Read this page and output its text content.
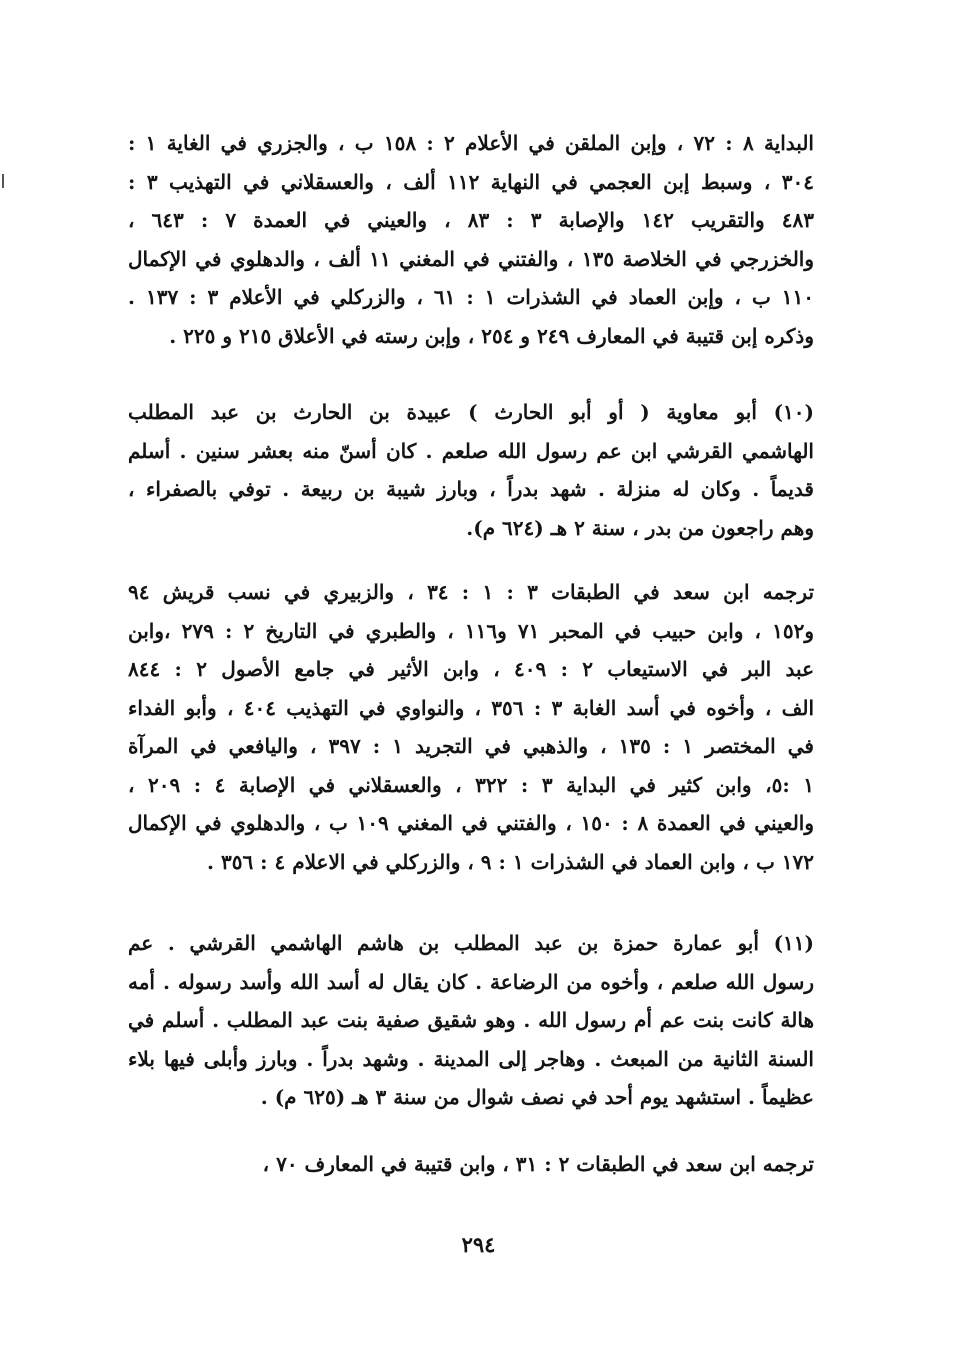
البداية ٨ : ٧٢ ، وإبن الملقن في الأعلام ٢ : ١٥٨ ب ، والجزري في الغاية ١ :
٣٠٤ ، وسبط إبن العجمي في النهاية ١١٢ ألف ، والعسقلاني في التهذيب ٣ :
٤٨٣ والتقريب ١٤٢ والإصابة ٣ : ٨٣ ، والعيني في العمدة ٧ : ٦٤٣ ،
والخزرجي في الخلاصة ١٣٥ ، والفتني في المغني ١١ ألف ، والدهلوي في الإكمال
١١٠ ب ، وإبن العماد في الشذرات ١ : ٦١ ، والزركلي في الأعلام ٣ : ١٣٧ .
وذكره إبن قتيبة في المعارف ٢٤٩ و ٢٥٤ ، وإبن رسته في الأعلاق ٢١٥ و ٢٢٥ .
(١٠) أبو معاوية ( أو أبو الحارث ) عبيدة بن الحارث بن عبد المطلب
الهاشمي القرشي ابن عم رسول الله صلعم . كان أسنّ منه بعشر سنين . أسلم
قديماً . وكان له منزلة . شهد بدراً ، وبارز شيبة بن ربيعة . توفي بالصفراء ،
وهم راجعون من بدر ، سنة ٢ هـ (٦٢٤ م).
ترجمه ابن سعد في الطبقات ٣ : ١ : ٣٤ ، والزبيري في نسب قريش ٩٤
و١٥٢ ، وابن حبيب في المحبر ٧١ و١١٦ ، والطبري في التاريخ ٢ : ٢٧٩ ،وابن
عبد البر في الاستيعاب ٢ : ٤٠٩ ، وابن الأثير في جامع الأصول ٢ : ٨٤٤
الف ، وأخوه في أسد الغابة ٣ : ٣٥٦ ، والنواوي في التهذيب ٤٠٤ ، وأبو الفداء
في المختصر ١ : ١٣٥ ، والذهبي في التجريد ١ : ٣٩٧ ، واليافعي في المرآة
١ :٥، وابن كثير في البداية ٣ : ٣٢٢ ، والعسقلاني في الإصابة ٤ : ٢٠٩ ،
والعيني في العمدة ٨ : ١٥٠ ، والفتني في المغني ١٠٩ ب ، والدهلوي في الإكمال
١٧٢ ب ، وابن العماد في الشذرات ١ : ٩ ، والزركلي في الاعلام ٤ : ٣٥٦ .
(١١) أبو عمارة حمزة بن عبد المطلب بن هاشم الهاشمي القرشي . عم
رسول الله صلعم ، وأخوه من الرضاعة . كان يقال له أسد الله وأسد رسوله . أمه
هالة كانت بنت عم أم رسول الله . وهو شقيق صفية بنت عبد المطلب . أسلم في
السنة الثانية من المبعث . وهاجر إلى المدينة . وشهد بدراً . وبارز وأبلى فيها بلاء
عظيماً . استشهد يوم أحد في نصف شوال من سنة ٣ هـ (٦٢٥ م) .
ترجمه ابن سعد في الطبقات ٢ : ٣١ ، وابن قتيبة في المعارف ٧٠ ،
٢٩٤
